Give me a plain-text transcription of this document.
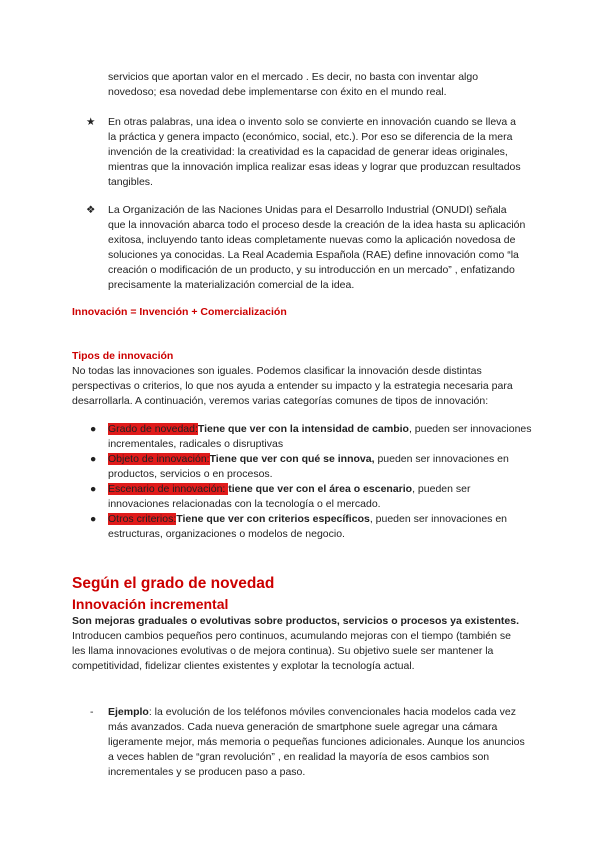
servicios que aportan valor en el mercado . Es decir, no basta con inventar algo novedoso; esa novedad debe implementarse con éxito en el mundo real.

★	En otras palabras, una idea o invento solo se convierte en innovación cuando se lleva a la práctica y genera impacto (económico, social, etc.). Por eso se diferencia de la mera invención de la creatividad: la creatividad es la capacidad de generar ideas originales, mientras que la innovación implica realizar esas ideas y lograr que produzcan resultados tangibles.
❖	La Organización de las Naciones Unidas para el Desarrollo Industrial (ONUDI) señala que la innovación abarca todo el proceso desde la creación de la idea hasta su aplicación exitosa, incluyendo tanto ideas completamente nuevas como la aplicación novedosa de soluciones ya conocidas. La Real Academia Española (RAE) define innovación como “la creación o modificación de un producto, y su introducción en un mercado” , enfatizando precisamente la materialización comercial de la idea.

Innovación = Invención + Comercialización

Tipos de innovación

No todas las innovaciones son iguales. Podemos clasificar la innovación desde distintas perspectivas o criterios, lo que nos ayuda a entender su impacto y la estrategia necesaria para desarrollarla. A continuación, veremos varias categorías comunes de tipos de innovación:

● Grado de novedad:Tiene que ver con la intensidad de cambio, pueden ser innovaciones incrementales, radicales o disruptivas
● Objeto de innovación:Tiene que ver con qué se innova, pueden ser innovaciones en productos, servicios o en procesos.
● Escenario de innovación: tiene que ver con el área o escenario, pueden ser innovaciones relacionadas con la tecnología o el mercado.
● Otros criterios:Tiene que ver con criterios específicos, pueden ser innovaciones en estructuras, organizaciones o modelos de negocio.

Según el grado de novedad

Innovación incremental

Son mejoras graduales o evolutivas sobre productos, servicios o procesos ya existentes. Introducen cambios pequeños pero continuos, acumulando mejoras con el tiempo (también se les llama innovaciones evolutivas o de mejora continua). Su objetivo suele ser mantener la competitividad, fidelizar clientes existentes y explotar la tecnología actual.

- Ejemplo: la evolución de los teléfonos móviles convencionales hacia modelos cada vez más avanzados. Cada nueva generación de smartphone suele agregar una cámara ligeramente mejor, más memoria o pequeñas funciones adicionales. Aunque los anuncios a veces hablen de “gran revolución” , en realidad la mayoría de esos cambios son incrementales y se producen paso a paso.
